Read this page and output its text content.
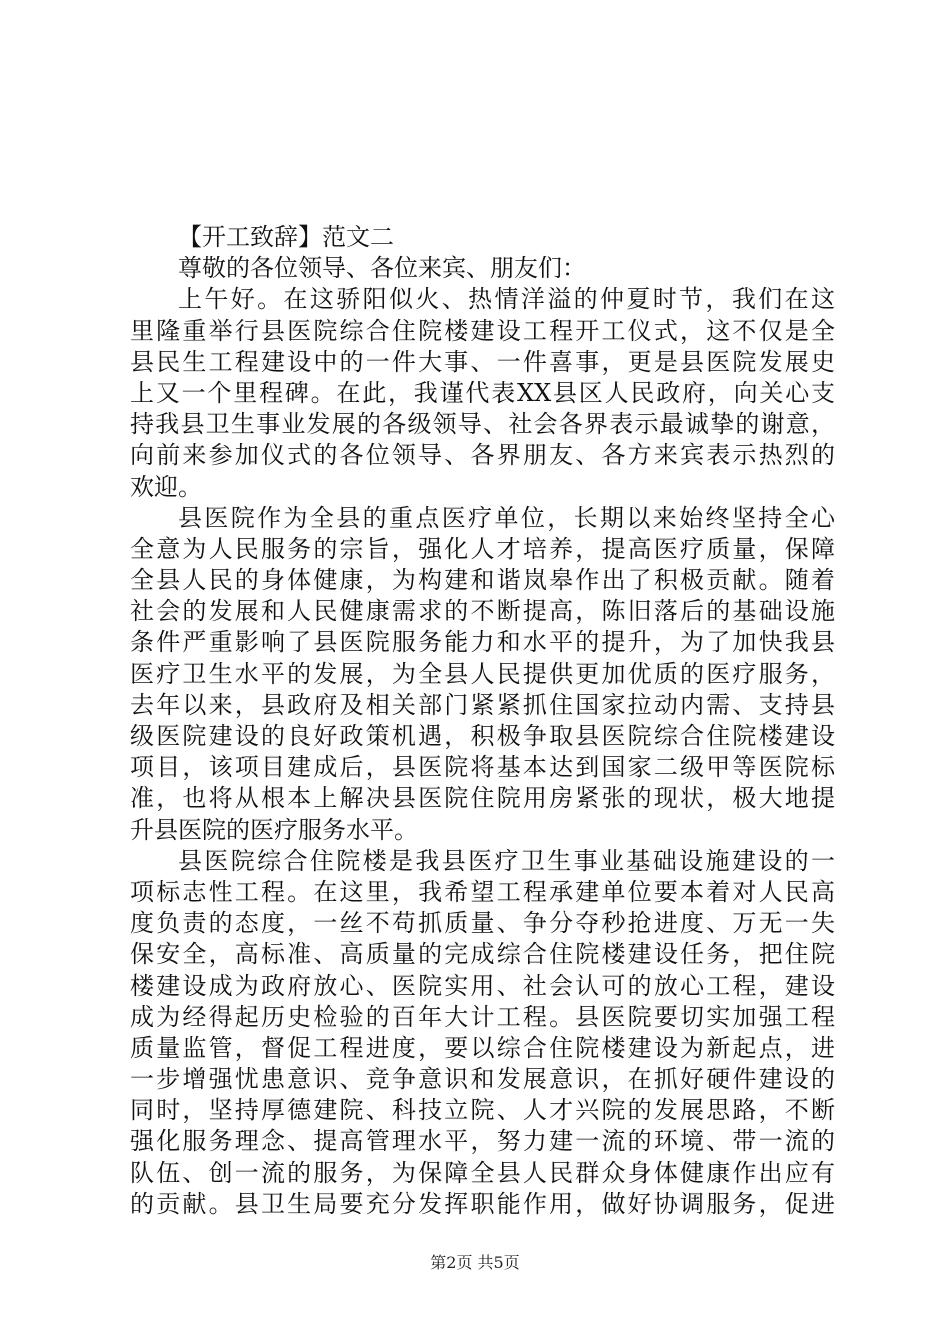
【开工致辞】范文二
尊敬的各位领导、各位来宾、朋友们：
上午好。在这骄阳似火、热情洋溢的仲夏时节，我们在这
里隆重举行县医院综合住院楼建设工程开工仪式，这不仅是全
县民生工程建设中的一件大事、一件喜事，更是县医院发展史
上又一个里程碑。在此，我谨代表XX县区人民政府，向关心支
持我县卫生事业发展的各级领导、社会各界表示最诚挚的谢意，
向前来参加仪式的各位领导、各界朋友、各方来宾表示热烈的
欢迎。
县医院作为全县的重点医疗单位，长期以来始终坚持全心
全意为人民服务的宗旨，强化人才培养，提高医疗质量，保障
全县人民的身体健康，为构建和谐岚皋作出了积极贡献。随着
社会的发展和人民健康需求的不断提高，陈旧落后的基础设施
条件严重影响了县医院服务能力和水平的提升，为了加快我县
医疗卫生水平的发展，为全县人民提供更加优质的医疗服务，
去年以来，县政府及相关部门紧紧抓住国家拉动内需、支持县
级医院建设的良好政策机遇，积极争取县医院综合住院楼建设
项目，该项目建成后，县医院将基本达到国家二级甲等医院标
准，也将从根本上解决县医院住院用房紧张的现状，极大地提
升县医院的医疗服务水平。
县医院综合住院楼是我县医疗卫生事业基础设施建设的一
项标志性工程。在这里，我希望工程承建单位要本着对人民高
度负责的态度，一丝不苟抓质量、争分夺秒抢进度、万无一失
保安全，高标准、高质量的完成综合住院楼建设任务，把住院
楼建设成为政府放心、医院实用、社会认可的放心工程，建设
成为经得起历史检验的百年大计工程。县医院要切实加强工程
质量监管，督促工程进度，要以综合住院楼建设为新起点，进
一步增强忧患意识、竞争意识和发展意识，在抓好硬件建设的
同时，坚持厚德建院、科技立院、人才兴院的发展思路，不断
强化服务理念、提高管理水平，努力建一流的环境、带一流的
队伍、创一流的服务，为保障全县人民群众身体健康作出应有
的贡献。县卫生局要充分发挥职能作用，做好协调服务，促进
第2页 共5页
